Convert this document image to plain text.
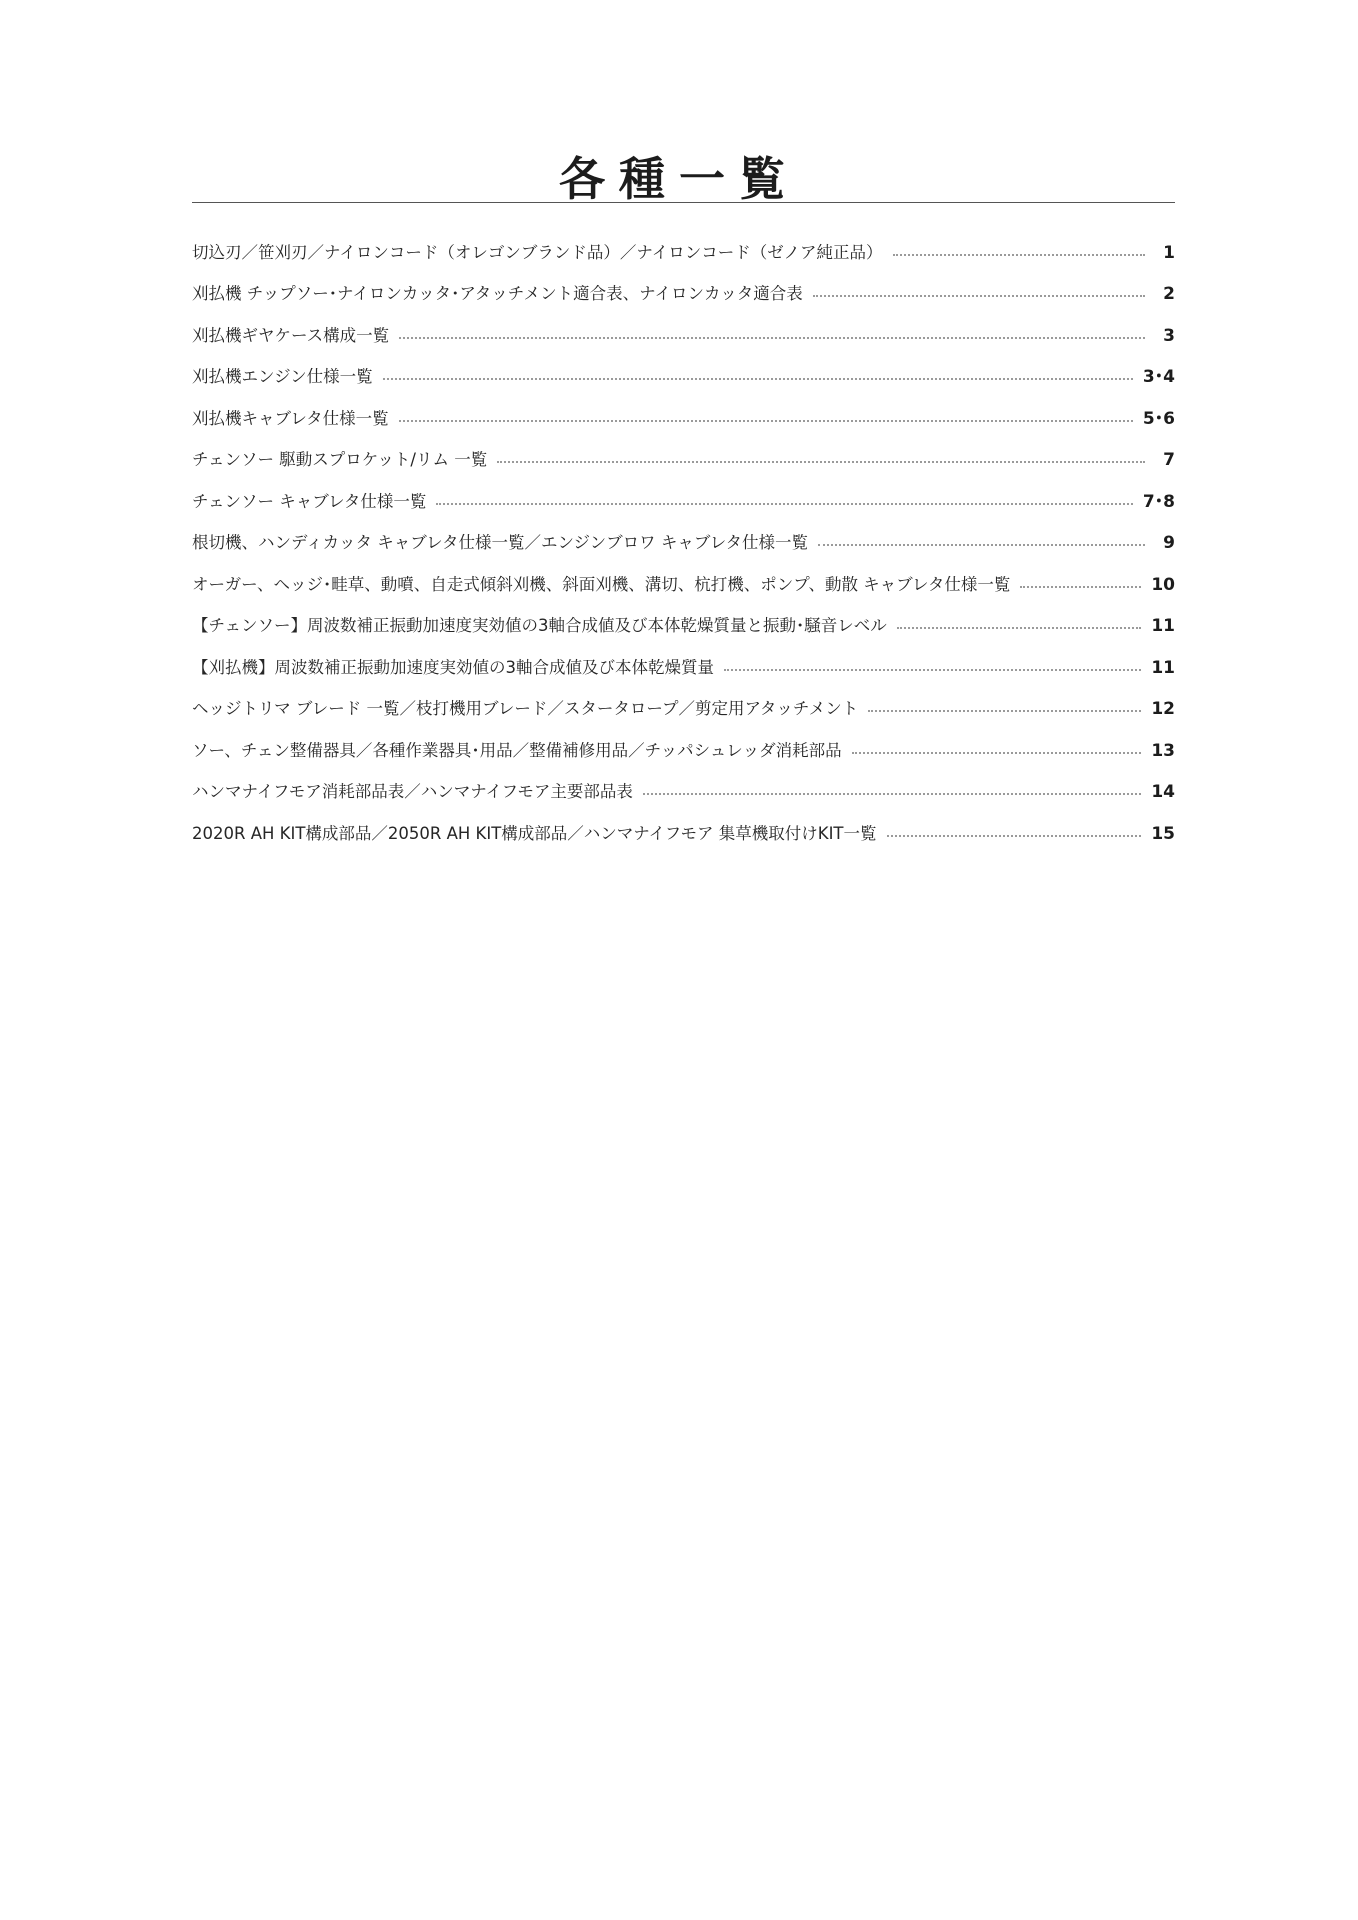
各種一覧
切込刃／笹刈刃／ナイロンコード（オレゴンブランド品）／ナイロンコード（ゼノア純正品）	1
刈払機 チップソー･ナイロンカッタ･アタッチメント適合表、ナイロンカッタ適合表	2
刈払機ギヤケース構成一覧	3
刈払機エンジン仕様一覧	3･4
刈払機キャブレタ仕様一覧	5･6
チェンソー 駆動スプロケット/リム 一覧	7
チェンソー キャブレタ仕様一覧	7･8
根切機、ハンディカッタ キャブレタ仕様一覧／エンジンブロワ キャブレタ仕様一覧	9
オーガー、ヘッジ･畦草、動噴、自走式傾斜刈機、斜面刈機、溝切、杭打機、ポンプ、動散 キャブレタ仕様一覧	10
【チェンソー】周波数補正振動加速度実効値の3軸合成値及び本体乾燥質量と振動･騒音レベル	11
【刈払機】周波数補正振動加速度実効値の3軸合成値及び本体乾燥質量	11
ヘッジトリマ ブレード 一覧／枝打機用ブレード／スタータロープ／剪定用アタッチメント	12
ソー、チェン整備器具／各種作業器具･用品／整備補修用品／チッパシュレッダ消耗部品	13
ハンマナイフモア消耗部品表／ハンマナイフモア主要部品表	14
2020R AH KIT構成部品／2050R AH KIT構成部品／ハンマナイフモア 集草機取付けKIT一覧	15
